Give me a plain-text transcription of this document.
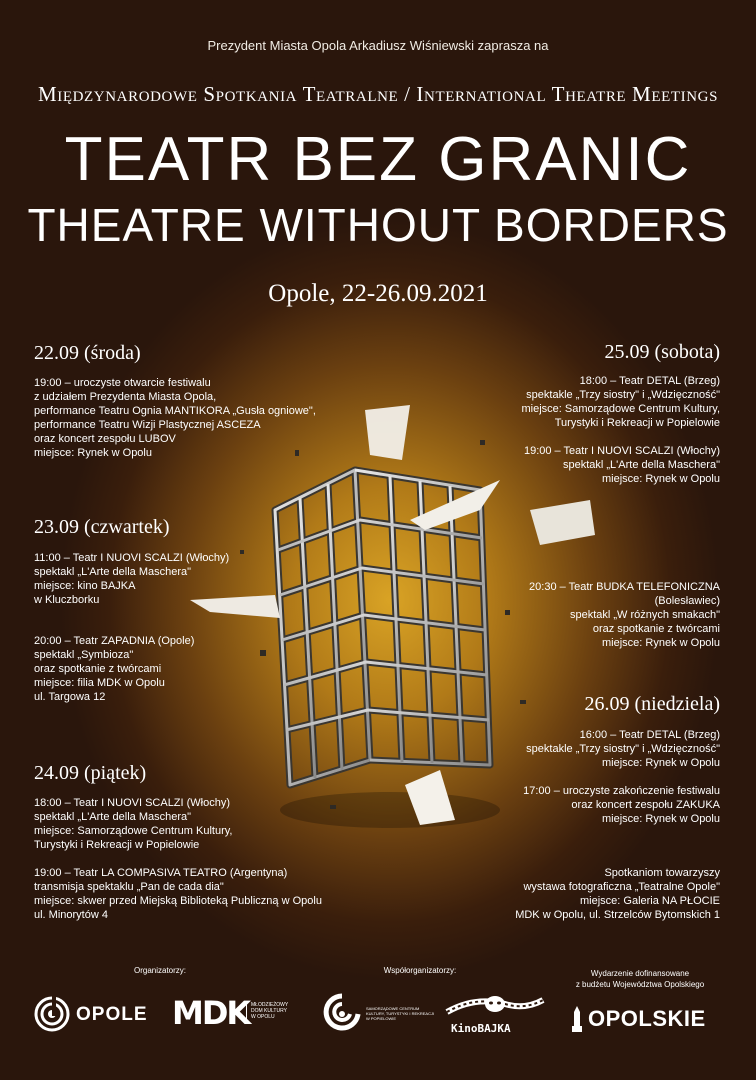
Prezydent Miasta Opola Arkadiusz Wiśniewski zaprasza na
Międzynarodowe Spotkania Teatralne / International Theatre Meetings
TEATR BEZ GRANIC
THEATRE WITHOUT BORDERS
Opole, 22-26.09.2021
22.09 (środa)
19:00 – uroczyste otwarcie festiwalu
z udziałem Prezydenta Miasta Opola,
performance Teatru Ognia MANTIKORA „Gusła ogniowe",
performance Teatru Wizji Plastycznej ASCEZA
oraz koncert zespołu LUBOV
miejsce: Rynek w Opolu
23.09 (czwartek)
11:00 – Teatr I NUOVI SCALZI (Włochy)
spektakl „L'Arte della Maschera"
miejsce: kino BAJKA
w Kluczborku
20:00 – Teatr ZAPADNIA (Opole)
spektakl „Symbioza"
oraz spotkanie z twórcami
miejsce: filia MDK w Opolu
ul. Targowa 12
24.09 (piątek)
18:00 – Teatr I NUOVI SCALZI (Włochy)
spektakl „L'Arte della Maschera"
miejsce: Samorządowe Centrum Kultury,
Turystyki i Rekreacji w Popielowie
19:00 – Teatr LA COMPASIVA TEATRO (Argentyna)
transmisja spektaklu „Pan de cada dia"
miejsce: skwer przed Miejską Biblioteką Publiczną w Opolu
ul. Minorytów 4
25.09 (sobota)
18:00 – Teatr DETAL (Brzeg)
spektakle „Trzy siostry" i „Wdzięczność"
miejsce: Samorządowe Centrum Kultury,
Turystyki i Rekreacji w Popielowie
19:00 – Teatr I NUOVI SCALZI (Włochy)
spektakl „L'Arte della Maschera"
miejsce: Rynek w Opolu
20:30 – Teatr BUDKA TELEFONICZNA
(Bolesławiec)
spektakl „W różnych smakach"
oraz spotkanie z twórcami
miejsce: Rynek w Opolu
26.09 (niedziela)
16:00 – Teatr DETAL (Brzeg)
spektakle „Trzy siostry" i „Wdzięczność"
miejsce: Rynek w Opolu
17:00 – uroczyste zakończenie festiwalu
oraz koncert zespołu ZAKUKA
miejsce: Rynek w Opolu
Spotkaniom towarzyszy
wystawa fotograficzna „Teatralne Opole"
miejsce: Galeria NA PŁOCIE
MDK w Opolu, ul. Strzelców Bytomskich 1
Organizatorzy:	Współorganizatorzy:	Wydarzenie dofinansowane
z budżetu Województwa Opolskiego
OPOLE MDK MŁODZIEŻOWY
DOM KULTURY
W OPOLU
SAMORZĄDOWE CENTRUM
KULTURY, TURYSTYKI I REKREACJI
W POPIELOWIE
KinoBAJKA	OPOLSKIE
